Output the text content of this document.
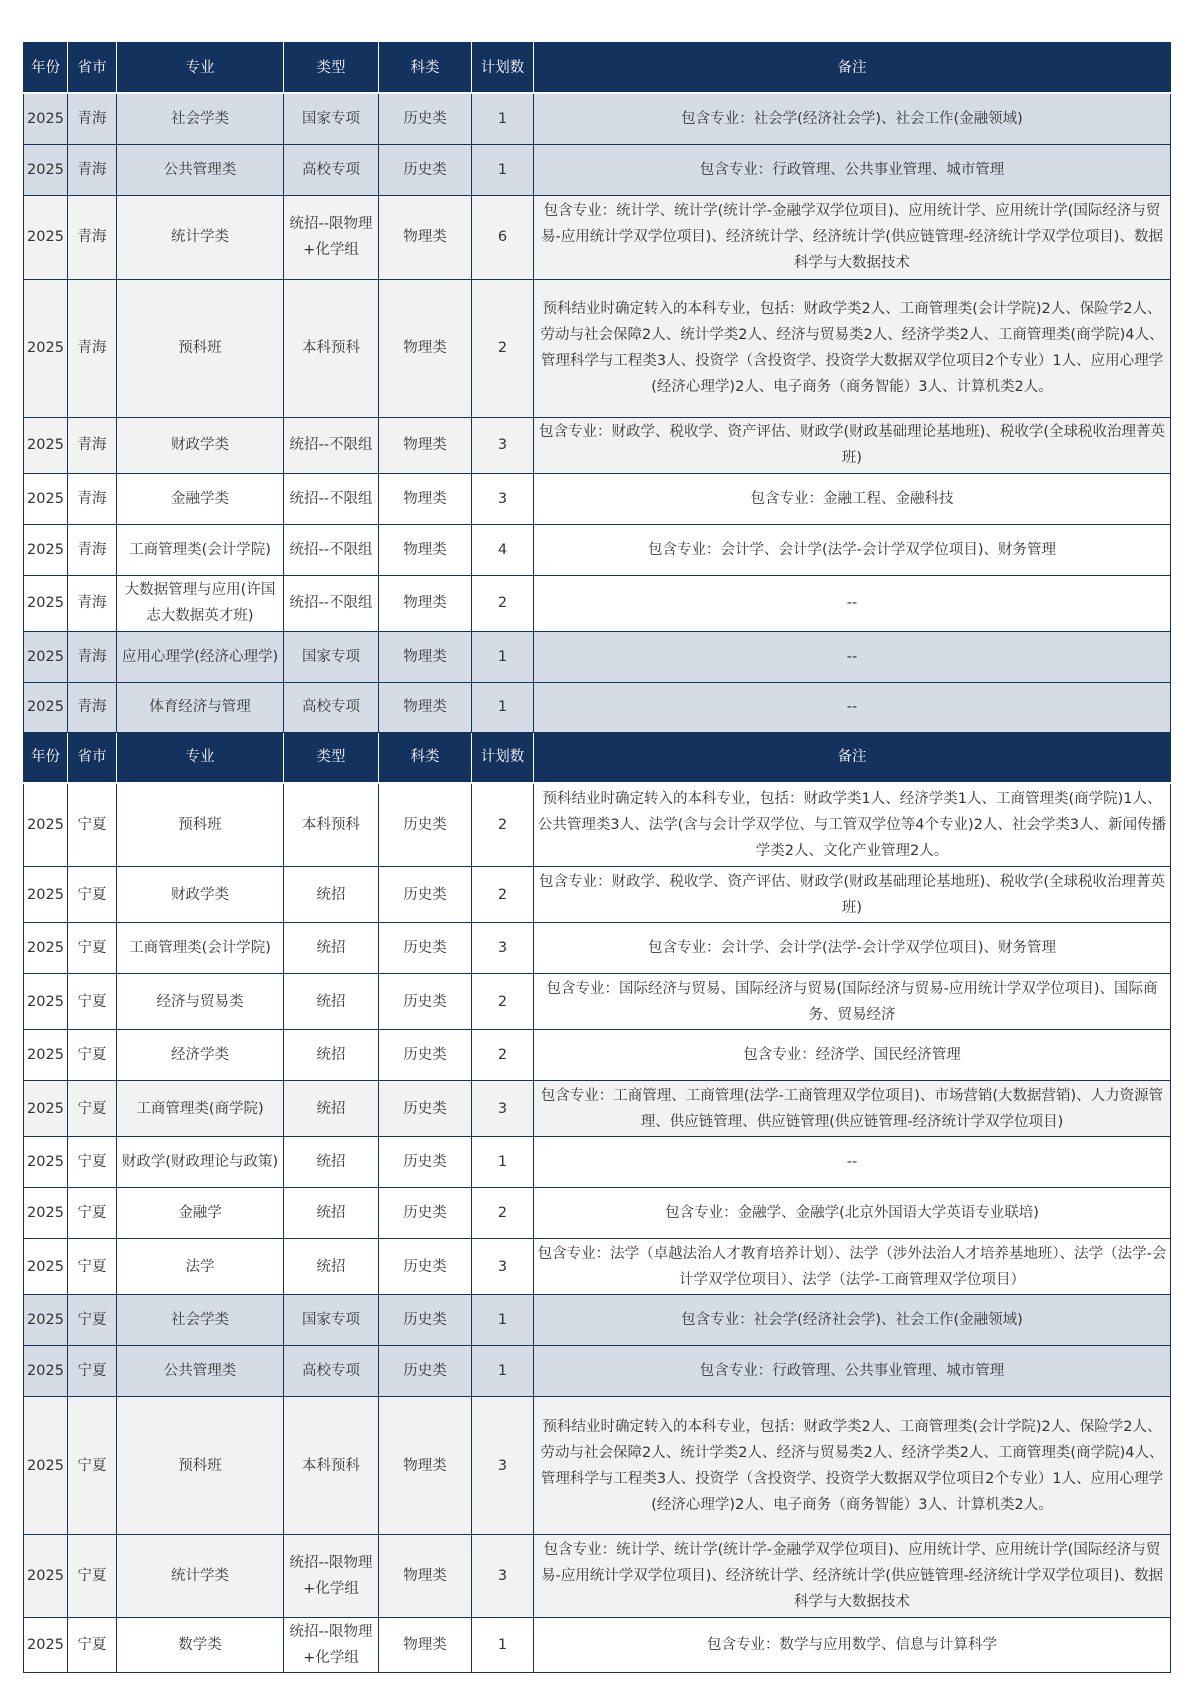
年份	省市	专业	类型	科类	计划数	备注
2025	青海	社会学类	国家专项	历史类	1	包含专业：社会学(经济社会学)、社会工作(金融领域)
2025	青海	公共管理类	高校专项	历史类	1	包含专业：行政管理、公共事业管理、城市管理
2025	青海	统计学类	统招--限物理+化学组	物理类	6	包含专业：统计学、统计学(统计学-金融学双学位项目)、应用统计学、应用统计学(国际经济与贸易-应用统计学双学位项目)、经济统计学、经济统计学(供应链管理-经济统计学双学位项目)、数据科学与大数据技术
2025	青海	预科班	本科预科	物理类	2	预科结业时确定转入的本科专业，包括：财政学类2人、工商管理类(会计学院)2人、保险学2人、劳动与社会保障2人、统计学类2人、经济与贸易类2人、经济学类2人、工商管理类(商学院)4人、管理科学与工程类3人、投资学（含投资学、投资学大数据双学位项目2个专业）1人、应用心理学(经济心理学)2人、电子商务（商务智能）3人、计算机类2人。
2025	青海	财政学类	统招--不限组	物理类	3	包含专业：财政学、税收学、资产评估、财政学(财政基础理论基地班)、税收学(全球税收治理菁英班)
2025	青海	金融学类	统招--不限组	物理类	3	包含专业：金融工程、金融科技
2025	青海	工商管理类(会计学院)	统招--不限组	物理类	4	包含专业：会计学、会计学(法学-会计学双学位项目)、财务管理
2025	青海	大数据管理与应用(许国志大数据英才班)	统招--不限组	物理类	2	--
2025	青海	应用心理学(经济心理学)	国家专项	物理类	1	--
2025	青海	体育经济与管理	高校专项	物理类	1	--
年份	省市	专业	类型	科类	计划数	备注
2025	宁夏	预科班	本科预科	历史类	2	预科结业时确定转入的本科专业，包括：财政学类1人、经济学类1人、工商管理类(商学院)1人、公共管理类3人、法学(含与会计学双学位、与工管双学位等4个专业)2人、社会学类3人、新闻传播学类2人、文化产业管理2人。
2025	宁夏	财政学类	统招	历史类	2	包含专业：财政学、税收学、资产评估、财政学(财政基础理论基地班)、税收学(全球税收治理菁英班)
2025	宁夏	工商管理类(会计学院)	统招	历史类	3	包含专业：会计学、会计学(法学-会计学双学位项目)、财务管理
2025	宁夏	经济与贸易类	统招	历史类	2	包含专业：国际经济与贸易、国际经济与贸易(国际经济与贸易-应用统计学双学位项目)、国际商务、贸易经济
2025	宁夏	经济学类	统招	历史类	2	包含专业：经济学、国民经济管理
2025	宁夏	工商管理类(商学院)	统招	历史类	3	包含专业：工商管理、工商管理(法学-工商管理双学位项目)、市场营销(大数据营销)、人力资源管理、供应链管理、供应链管理(供应链管理-经济统计学双学位项目)
2025	宁夏	财政学(财政理论与政策)	统招	历史类	1	--
2025	宁夏	金融学	统招	历史类	2	包含专业：金融学、金融学(北京外国语大学英语专业联培)
2025	宁夏	法学	统招	历史类	3	包含专业：法学（卓越法治人才教育培养计划）、法学（涉外法治人才培养基地班）、法学（法学-会计学双学位项目）、法学（法学-工商管理双学位项目）
2025	宁夏	社会学类	国家专项	历史类	1	包含专业：社会学(经济社会学)、社会工作(金融领域)
2025	宁夏	公共管理类	高校专项	历史类	1	包含专业：行政管理、公共事业管理、城市管理
2025	宁夏	预科班	本科预科	物理类	3	预科结业时确定转入的本科专业，包括：财政学类2人、工商管理类(会计学院)2人、保险学2人、劳动与社会保障2人、统计学类2人、经济与贸易类2人、经济学类2人、工商管理类(商学院)4人、管理科学与工程类3人、投资学（含投资学、投资学大数据双学位项目2个专业）1人、应用心理学(经济心理学)2人、电子商务（商务智能）3人、计算机类2人。
2025	宁夏	统计学类	统招--限物理+化学组	物理类	3	包含专业：统计学、统计学(统计学-金融学双学位项目)、应用统计学、应用统计学(国际经济与贸易-应用统计学双学位项目)、经济统计学、经济统计学(供应链管理-经济统计学双学位项目)、数据科学与大数据技术
2025	宁夏	数学类	统招--限物理+化学组	物理类	1	包含专业：数学与应用数学、信息与计算科学
